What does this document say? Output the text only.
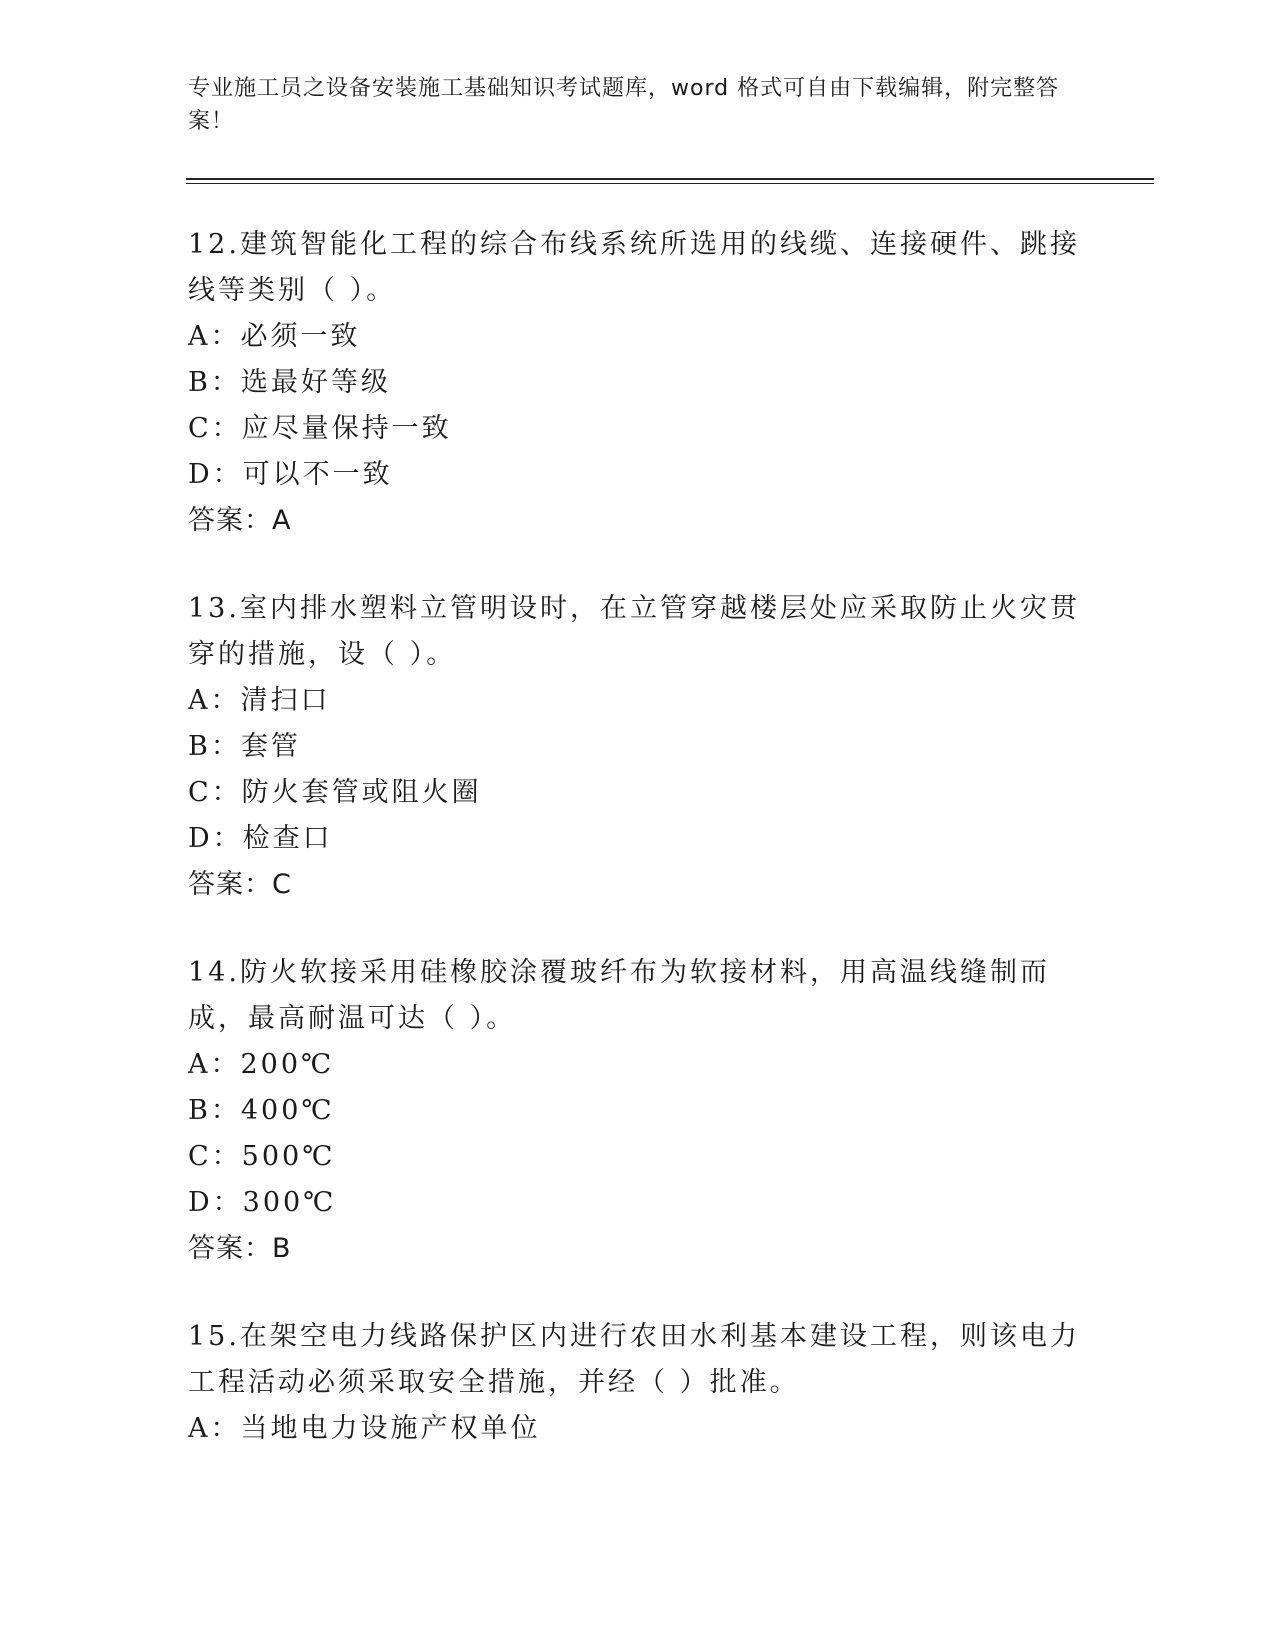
专业施工员之设备安装施工基础知识考试题库，word 格式可自由下载编辑，附完整答案！

12.建筑智能化工程的综合布线系统所选用的线缆、连接硬件、跳接线等类别（ ）。

A：必须一致

B：选最好等级

C：应尽量保持一致

D：可以不一致

答案：A

13.室内排水塑料立管明设时，在立管穿越楼层处应采取防止火灾贯穿的措施，设（ ）。

A：清扫口

B：套管

C：防火套管或阻火圈

D：检查口

答案：C

14.防火软接采用硅橡胶涂覆玻纤布为软接材料，用高温线缝制而成，最高耐温可达（ ）。

A：200℃

B：400℃

C：500℃

D：300℃

答案：B

15.在架空电力线路保护区内进行农田水利基本建设工程，则该电力工程活动必须采取安全措施，并经（ ）批准。

A：当地电力设施产权单位
